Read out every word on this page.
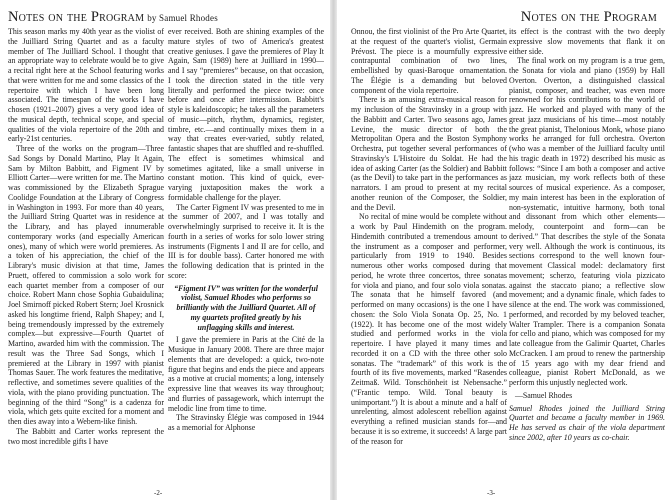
Notes on the Program by Samuel Rhodes

This season marks my 40th year as the violist of the Juilliard String Quartet and as a faculty member of The Juilliard School. I thought that an appropriate way to celebrate would be to give a recital right here at the School featuring works that were written for me and some classics of the repertoire with which I have been long associated. The timespan of the works I have chosen (1921–2007) gives a very good idea of the musical depth, technical scope, and special qualities of the viola repertoire of the 20th and early-21st centuries.

Three of the works on the program—Three Sad Songs by Donald Martino, Play It Again, Sam by Milton Babbitt, and Figment IV by Elliott Carter—were written for me. The Martino was commissioned by the Elizabeth Sprague Coolidge Foundation at the Library of Congress in Washington in 1993. For more than 40 years, the Juilliard String Quartet was in residence at the Library, and has played innumerable contemporary works (and especially American ones), many of which were world premieres. As a token of his appreciation, the chief of the Library's music division at that time, James Pruett, offered to commission a solo work for each quartet member from a composer of our choice. Robert Mann chose Sophia Gubaidulina; Joel Smirnoff picked Robert Stern; Joel Krosnick asked his longtime friend, Ralph Shapey; and I, being tremendously impressed by the extremely complex—but expressive—Fourth Quartet of Martino, awarded him with the commission. The result was the Three Sad Songs, which I premiered at the Library in 1997 with pianist Thomas Sauer. The work features the meditative, reflective, and sometimes severe qualities of the viola, with the piano providing punctuation. The beginning of the third “Song” is a cadenza for viola, which gets quite excited for a moment and then dies away into a Webern-like finish.

The Babbitt and Carter works represent the two most incredible gifts I have

ever received. Both are shining examples of the mature styles of two of America's greatest creative geniuses. I gave the premieres of Play It Again, Sam (1989) here at Juilliard in 1990—and I say “premieres” because, on that occasion, I took the direction stated in the title very literally and performed the piece twice: once before and once after intermission. Babbitt's style is kaleidoscopic; he takes all the parameters of music—pitch, rhythm, dynamics, register, timbre, etc.—and continually mixes them in a way that creates ever-varied, subtly related, fantastic shapes that are shuffled and re-shuffled. The effect is sometimes whimsical and sometimes agitated, like a small universe in constant motion. This kind of quick, ever-varying juxtaposition makes the work a formidable challenge for the player.

The Carter Figment IV was presented to me in the summer of 2007, and I was totally and overwhelmingly surprised to receive it. It is the fourth in a series of works for solo lower string instruments (Figments I and II are for cello, and III is for double bass). Carter honored me with the following dedication that is printed in the score:

“Figment IV” was written for the wonderful violist, Samuel Rhodes who performs so brilliantly with the Juilliard Quartet. All of my quartets profited greatly by his unflagging skills and interest.

I gave the premiere in Paris at the Cité de la Musique in January 2008. There are three major elements that are developed: a quick, two-note figure that begins and ends the piece and appears as a motive at crucial moments; a long, intensely expressive line that weaves its way throughout; and flurries of passagework, which interrupt the melodic line from time to time.

The Stravinsky Élégie was composed in 1944 as a memorial for Alphonse

-2-
Notes on the Program

Onnou, the first violinist of the Pro Arte Quartet, at the request of the quartet's violist, Germain Prévost. The piece is a mournfully expressive contrapuntal combination of two lines, embellished by quasi-Baroque ornamentation. The Élégie is a demanding but beloved component of the viola repertoire.

There is an amusing extra-musical reason for my inclusion of the Stravinsky in a group with the Babbitt and Carter. Two seasons ago, James Levine, the music director of both the Metropolitan Opera and the Boston Symphony Orchestra, put together several performances of Stravinsky's L'Histoire du Soldat. He had the idea of asking Carter (as the Soldier) and Babbitt (as the Devil) to take part in the performances as narrators. I am proud to present at my recital another reunion of the Composer, the Soldier, and the Devil.

No recital of mine would be complete without a work by Paul Hindemith on the program. Hindemith contributed a tremendous amount to the instrument as a composer and performer, particularly from 1919 to 1940. Besides numerous other works composed during that period, he wrote three concertos, three sonatas for viola and piano, and four solo viola sonatas. The sonata that he himself favored (and performed on many occasions) is the one I have chosen: the Solo Viola Sonata Op. 25, No. 1 (1922). It has become one of the most widely studied and performed works in the viola repertoire. I have played it many times and recorded it on a CD with the three other solo sonatas. The “trademark” of this work is the fourth of its five movements, marked “Rasendes Zeitmaß. Wild. Tonschönheit ist Nebensache.” (“Frantic tempo. Wild. Tonal beauty is unimportant.”) It is about a minute and a half of unrelenting, almost adolescent rebellion against everything a refined musician stands for—and because it is so extreme, it succeeds! A large part of the reason for

its effect is the contrast with the two deeply expressive slow movements that flank it on either side.

The final work on my program is a true gem, the Sonata for viola and piano (1959) by Hall Overton. Overton, a distinguished classical pianist, composer, and teacher, was even more renowned for his contributions to the world of jazz. He worked and played with many of the great jazz musicians of his time—most notably the great pianist, Thelonious Monk, whose piano works he arranged for full orchestra. Overton (who was a member of the Juilliard faculty until his tragic death in 1972) described his music as follows: “Since I am both a composer and active jazz musician, my work reflects both of these sources of musical experience. As a composer, my main interest has been in the exploration of non-systematic, intuitive harmony, both tonal and dissonant from which other elements—melody, counterpoint and form—can be derived.” That describes the style of the Sonata very well. Although the work is continuous, its sections correspond to the well known four-movement Classical model: declamatory first movement; scherzo, featuring viola pizzicato against the staccato piano; a reflective slow movement; and a dynamic finale, which fades to silence at the end. The work was commissioned, performed, and recorded by my beloved teacher, Walter Trampler. There is a companion Sonata for cello and piano, which was composed for my late colleague from the Galimir Quartet, Charles McCracken. I am proud to renew the partnership of 15 years ago with my dear friend and colleague, pianist Robert McDonald, as we perform this unjustly neglected work.

—Samuel Rhodes

Samuel Rhodes joined the Juilliard String Quartet and became a faculty member in 1969. He has served as chair of the viola department since 2002, after 10 years as co-chair.

-3-
